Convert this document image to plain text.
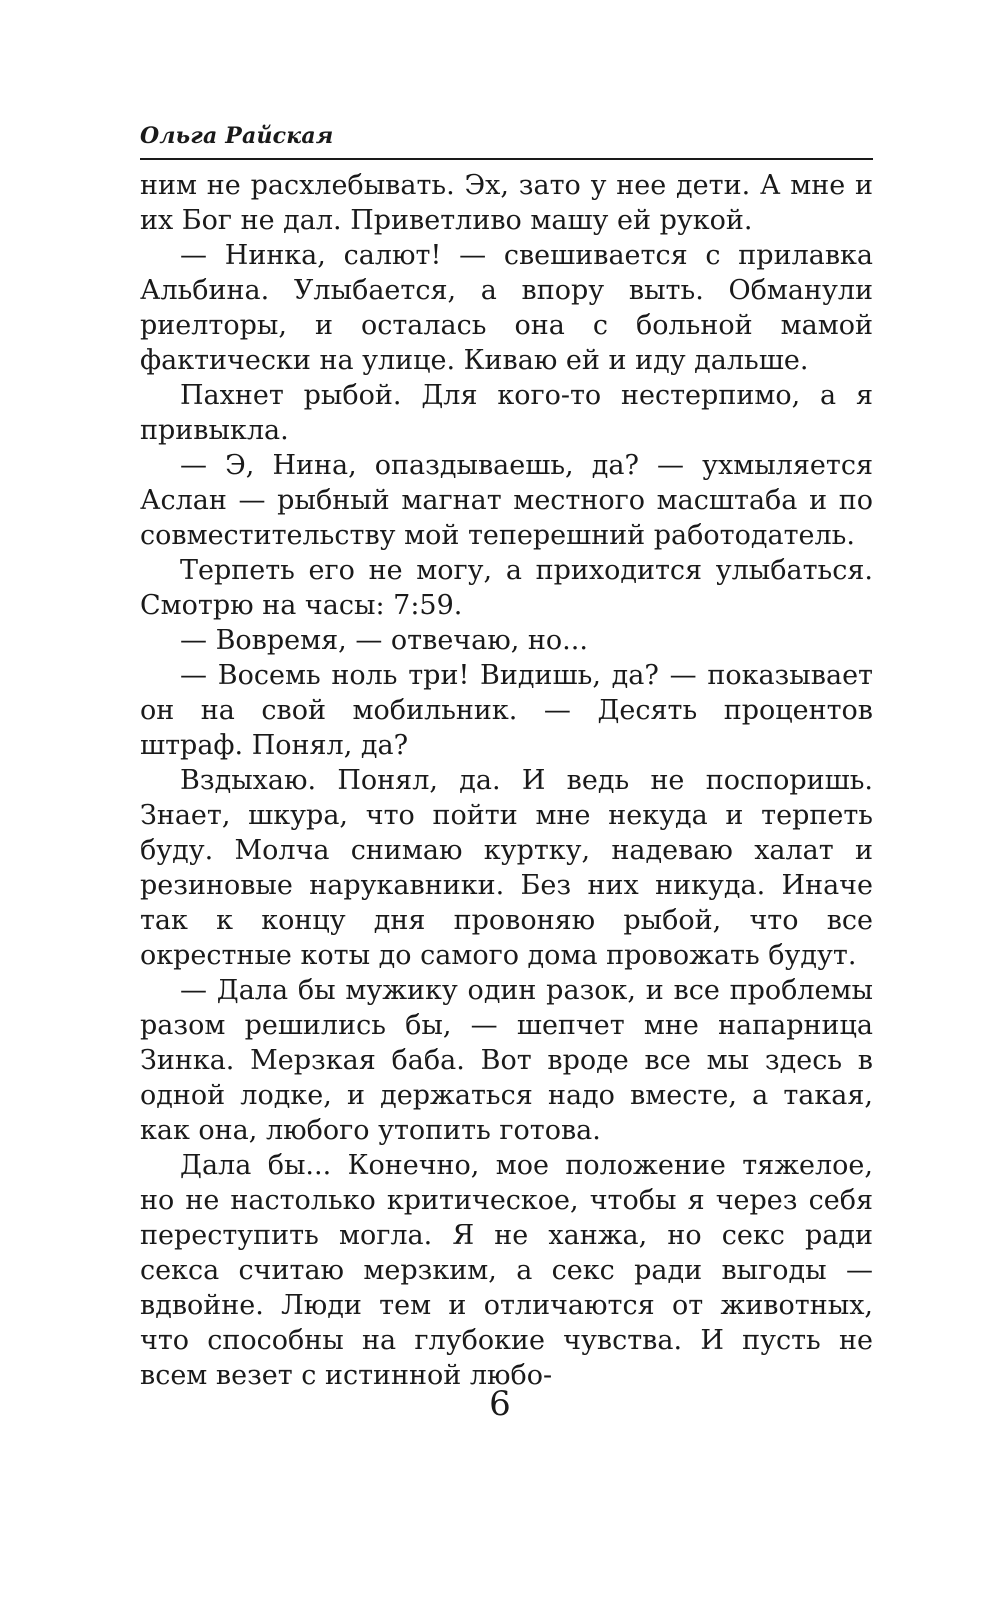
Ольга Райская

ним не расхлебывать. Эх, зато у нее дети. А мне и их Бог не дал. Приветливо машу ей рукой.

— Нинка, салют! — свешивается с прилавка Альбина. Улыбается, а впору выть. Обманули риелторы, и осталась она с больной мамой фактически на улице. Киваю ей и иду дальше.

Пахнет рыбой. Для кого-то нестерпимо, а я привыкла.

— Э, Нина, опаздываешь, да? — ухмыляется Аслан — рыбный магнат местного масштаба и по совместительству мой теперешний работодатель.

Терпеть его не могу, а приходится улыбаться. Смотрю на часы: 7:59.

— Вовремя, — отвечаю, но...

— Восемь ноль три! Видишь, да? — показывает он на свой мобильник. — Десять процентов штраф. Понял, да?

Вздыхаю. Понял, да. И ведь не поспоришь. Знает, шкура, что пойти мне некуда и терпеть буду. Молча снимаю куртку, надеваю халат и резиновые нарукавники. Без них никуда. Иначе так к концу дня провоняю рыбой, что все окрестные коты до самого дома провожать будут.

— Дала бы мужику один разок, и все проблемы разом решились бы, — шепчет мне напарница Зинка. Мерзкая баба. Вот вроде все мы здесь в одной лодке, и держаться надо вместе, а такая, как она, любого утопить готова.

Дала бы... Конечно, мое положение тяжелое, но не настолько критическое, чтобы я через себя переступить могла. Я не ханжа, но секс ради секса считаю мерзким, а секс ради выгоды — вдвойне. Люди тем и отличаются от животных, что способны на глубокие чувства. И пусть не всем везет с истинной любо-

6
